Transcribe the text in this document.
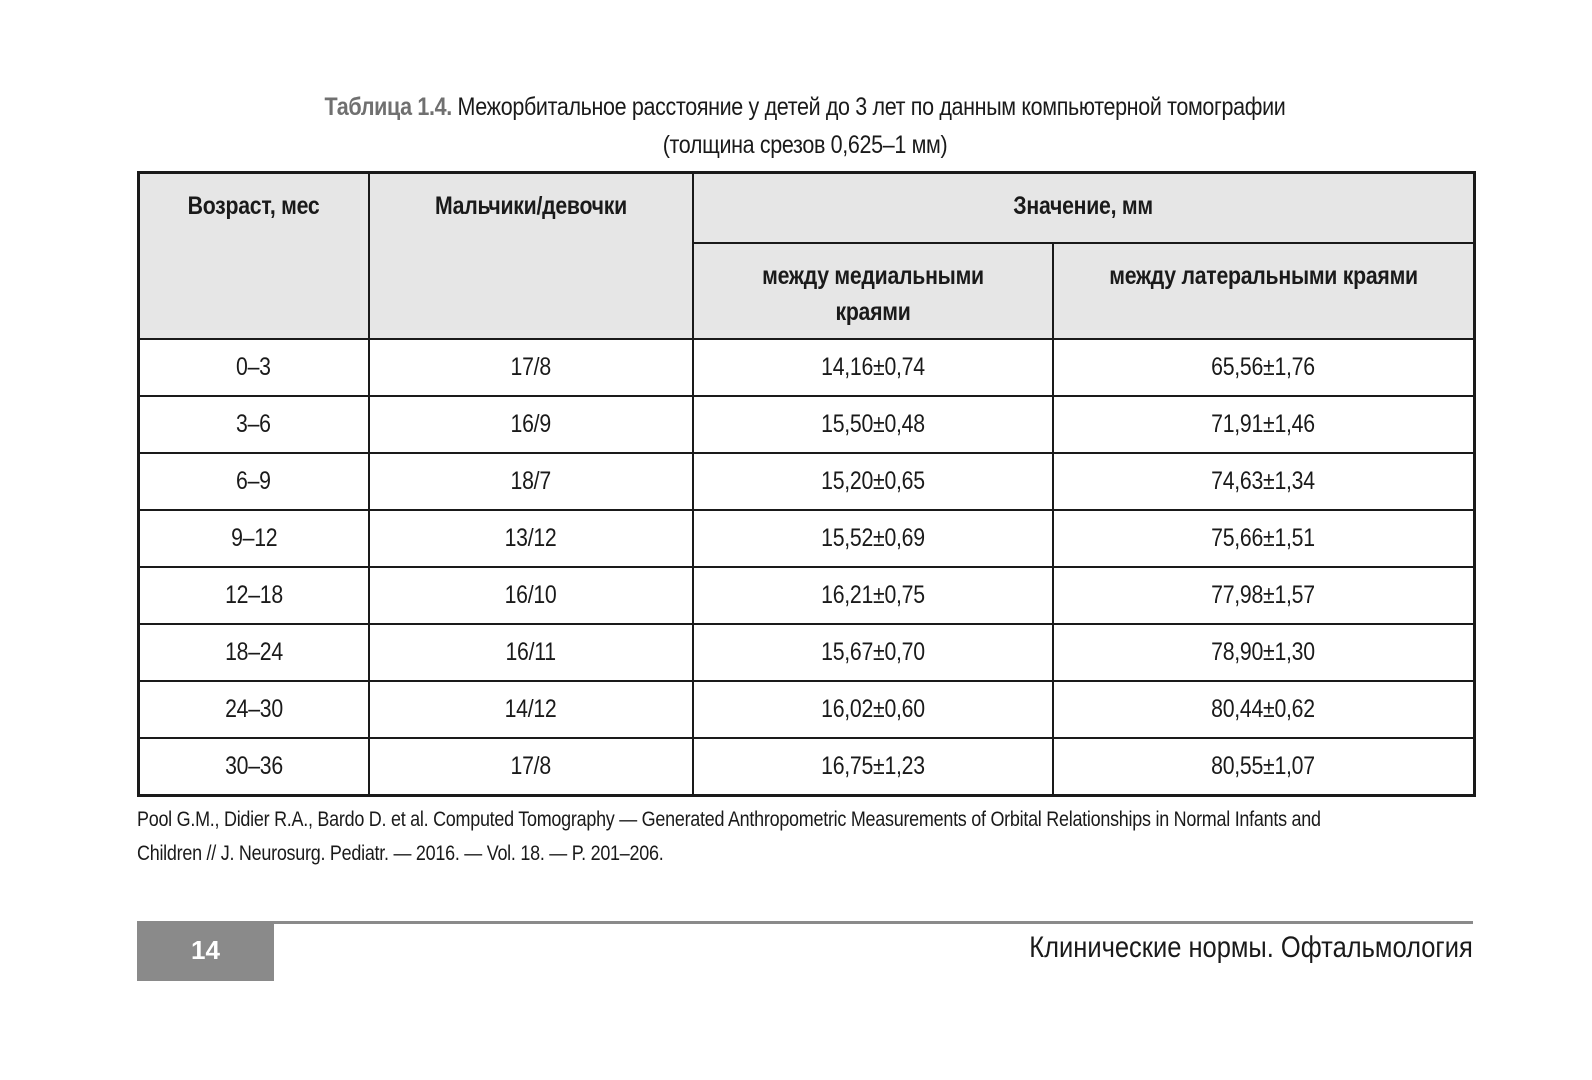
Таблица 1.4. Межорбитальное расстояние у детей до 3 лет по данным компьютерной томографии
(толщина срезов 0,625–1 мм)
Возраст, мес	Мальчики/девочки	Значение, мм	
		между медиальными краями	между латеральными краями
0–3	17/8	14,16±0,74	65,56±1,76
3–6	16/9	15,50±0,48	71,91±1,46
6–9	18/7	15,20±0,65	74,63±1,34
9–12	13/12	15,52±0,69	75,66±1,51
12–18	16/10	16,21±0,75	77,98±1,57
18–24	16/11	15,67±0,70	78,90±1,30
24–30	14/12	16,02±0,60	80,44±0,62
30–36	17/8	16,75±1,23	80,55±1,07
Pool G.M., Didier R.A., Bardo D. et al. Computed Tomography — Generated Anthropometric Measurements of Orbital Relationships in Normal Infants and
Children // J. Neurosurg. Pediatr. — 2016. — Vol. 18. — P. 201–206.
14	Клинические нормы. Офтальмология
